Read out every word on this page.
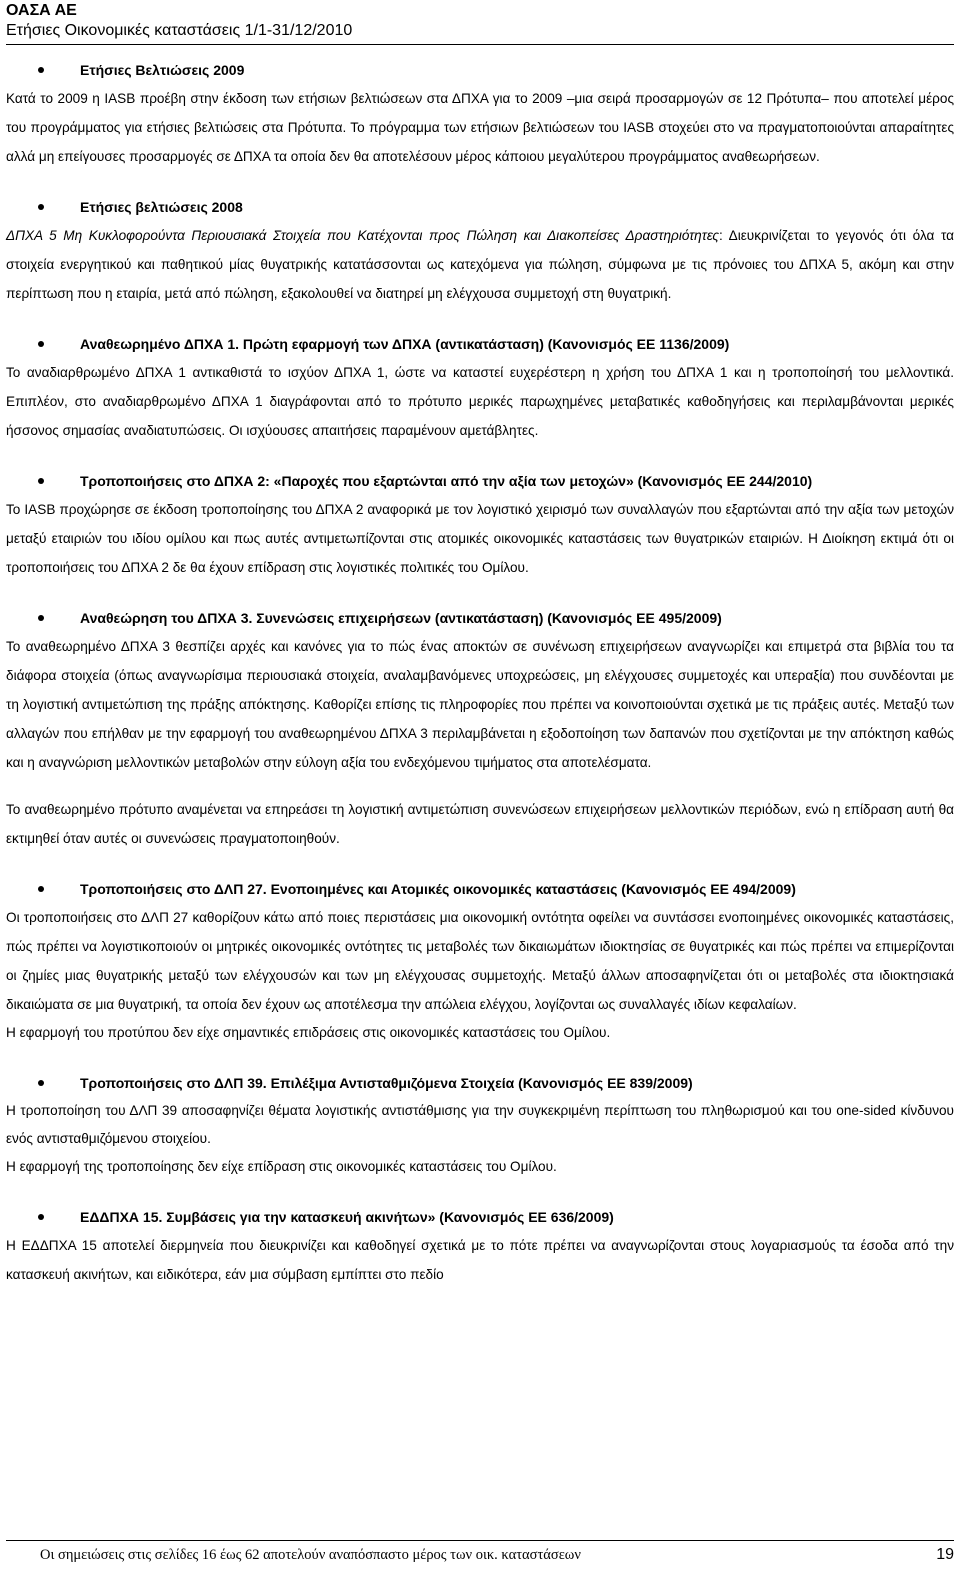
ΟΑΣΑ ΑΕ

Ετήσιες Οικονομικές καταστάσεις 1/1-31/12/2010

Ετήσιες Βελτιώσεις 2009

Κατά το 2009 η IASB προέβη στην έκδοση των ετήσιων βελτιώσεων στα ΔΠΧΑ για το 2009 –μια σειρά προσαρμογών σε 12 Πρότυπα– που αποτελεί μέρος του προγράμματος για ετήσιες βελτιώσεις στα Πρότυπα. Το πρόγραμμα των ετήσιων βελτιώσεων του IASB στοχεύει στο να πραγματοποιούνται απαραίτητες αλλά μη επείγουσες προσαρμογές σε ΔΠΧΑ τα οποία δεν θα αποτελέσουν μέρος κάποιου μεγαλύτερου προγράμματος αναθεωρήσεων.

Ετήσιες βελτιώσεις 2008

ΔΠΧΑ 5 Μη Κυκλοφορούντα Περιουσιακά Στοιχεία που Κατέχονται προς Πώληση και Διακοπείσες Δραστηριότητες: Διευκρινίζεται το γεγονός ότι όλα τα στοιχεία ενεργητικού και παθητικού μίας θυγατρικής κατατάσσονται ως κατεχόμενα για πώληση, σύμφωνα με τις πρόνοιες του ΔΠΧΑ 5, ακόμη και στην περίπτωση που η εταιρία, μετά από πώληση, εξακολουθεί να διατηρεί μη ελέγχουσα συμμετοχή στη θυγατρική.

Αναθεωρημένο ΔΠΧΑ 1. Πρώτη εφαρμογή των ΔΠΧΑ (αντικατάσταση) (Κανονισμός ΕΕ 1136/2009)

Το αναδιαρθρωμένο ΔΠΧΑ 1 αντικαθιστά το ισχύον ΔΠΧΑ 1, ώστε να καταστεί ευχερέστερη η χρήση του ΔΠΧΑ 1 και η τροποποίησή του μελλοντικά. Επιπλέον, στο αναδιαρθρωμένο ΔΠΧΑ 1 διαγράφονται από το πρότυπο μερικές παρωχημένες μεταβατικές καθοδηγήσεις και περιλαμβάνονται μερικές ήσσονος σημασίας αναδιατυπώσεις. Οι ισχύουσες απαιτήσεις παραμένουν αμετάβλητες.

Τροποποιήσεις στο ΔΠΧΑ 2: «Παροχές που εξαρτώνται από την αξία των μετοχών» (Κανονισμός ΕΕ 244/2010)

Το IASB προχώρησε σε έκδοση τροποποίησης του ΔΠΧΑ 2 αναφορικά με τον λογιστικό χειρισμό των συναλλαγών που εξαρτώνται από την αξία των μετοχών μεταξύ εταιριών του ιδίου ομίλου και πως αυτές αντιμετωπίζονται στις ατομικές οικονομικές καταστάσεις των θυγατρικών εταιριών. Η Διοίκηση εκτιμά ότι οι τροποποιήσεις του ΔΠΧΑ 2 δε θα έχουν επίδραση στις λογιστικές πολιτικές του Ομίλου.

Αναθεώρηση του ΔΠΧΑ 3. Συνενώσεις επιχειρήσεων (αντικατάσταση) (Κανονισμός ΕΕ 495/2009)

Το αναθεωρημένο ΔΠΧΑ 3 θεσπίζει αρχές και κανόνες για το πώς ένας αποκτών σε συνένωση επιχειρήσεων αναγνωρίζει και επιμετρά στα βιβλία του τα διάφορα στοιχεία (όπως αναγνωρίσιμα περιουσιακά στοιχεία, αναλαμβανόμενες υποχρεώσεις, μη ελέγχουσες συμμετοχές και υπεραξία) που συνδέονται με τη λογιστική αντιμετώπιση της πράξης απόκτησης. Καθορίζει επίσης τις πληροφορίες που πρέπει να κοινοποιούνται σχετικά με τις πράξεις αυτές. Μεταξύ των αλλαγών που επήλθαν με την εφαρμογή του αναθεωρημένου ΔΠΧΑ 3 περιλαμβάνεται η εξοδοποίηση των δαπανών που σχετίζονται με την απόκτηση καθώς και η αναγνώριση μελλοντικών μεταβολών στην εύλογη αξία του ενδεχόμενου τιμήματος στα αποτελέσματα.

Το αναθεωρημένο πρότυπο αναμένεται να επηρεάσει τη λογιστική αντιμετώπιση συνενώσεων επιχειρήσεων μελλοντικών περιόδων, ενώ η επίδραση αυτή θα εκτιμηθεί όταν αυτές οι συνενώσεις πραγματοποιηθούν.

Τροποποιήσεις στο ΔΛΠ 27. Ενοποιημένες και Ατομικές οικονομικές καταστάσεις (Κανονισμός ΕΕ 494/2009)

Οι τροποποιήσεις στο ΔΛΠ 27 καθορίζουν κάτω από ποιες περιστάσεις μια οικονομική οντότητα οφείλει να συντάσσει ενοποιημένες οικονομικές καταστάσεις, πώς πρέπει να λογιστικοποιούν οι μητρικές οικονομικές οντότητες τις μεταβολές των δικαιωμάτων ιδιοκτησίας σε θυγατρικές και πώς πρέπει να επιμερίζονται οι ζημίες μιας θυγατρικής μεταξύ των ελέγχουσών και των μη ελέγχουσας συμμετοχής. Μεταξύ άλλων αποσαφηνίζεται ότι οι μεταβολές στα ιδιοκτησιακά δικαιώματα σε μια θυγατρική, τα οποία δεν έχουν ως αποτέλεσμα την απώλεια ελέγχου, λογίζονται ως συναλλαγές ιδίων κεφαλαίων.

Η εφαρμογή του προτύπου δεν είχε σημαντικές επιδράσεις στις οικονομικές καταστάσεις του Ομίλου.

Τροποποιήσεις στο ΔΛΠ 39. Επιλέξιμα Αντισταθμιζόμενα Στοιχεία (Κανονισμός ΕΕ 839/2009)

Η τροποποίηση του ΔΛΠ 39 αποσαφηνίζει θέματα λογιστικής αντιστάθμισης για την συγκεκριμένη περίπτωση του πληθωρισμού και του one-sided κίνδυνου ενός αντισταθμιζόμενου στοιχείου.

Η εφαρμογή της τροποποίησης δεν είχε επίδραση στις οικονομικές καταστάσεις του Ομίλου.

ΕΔΔΠΧΑ 15. Συμβάσεις για την κατασκευή ακινήτων» (Κανονισμός ΕΕ 636/2009)

Η ΕΔΔΠΧΑ 15 αποτελεί διερμηνεία που διευκρινίζει και καθοδηγεί σχετικά με το πότε πρέπει να αναγνωρίζονται στους λογαριασμούς τα έσοδα από την κατασκευή ακινήτων, και ειδικότερα, εάν μια σύμβαση εμπίπτει στο πεδίο

Οι σημειώσεις στις σελίδες 16 έως 62 αποτελούν αναπόσπαστο μέρος των οικ. καταστάσεων	19
